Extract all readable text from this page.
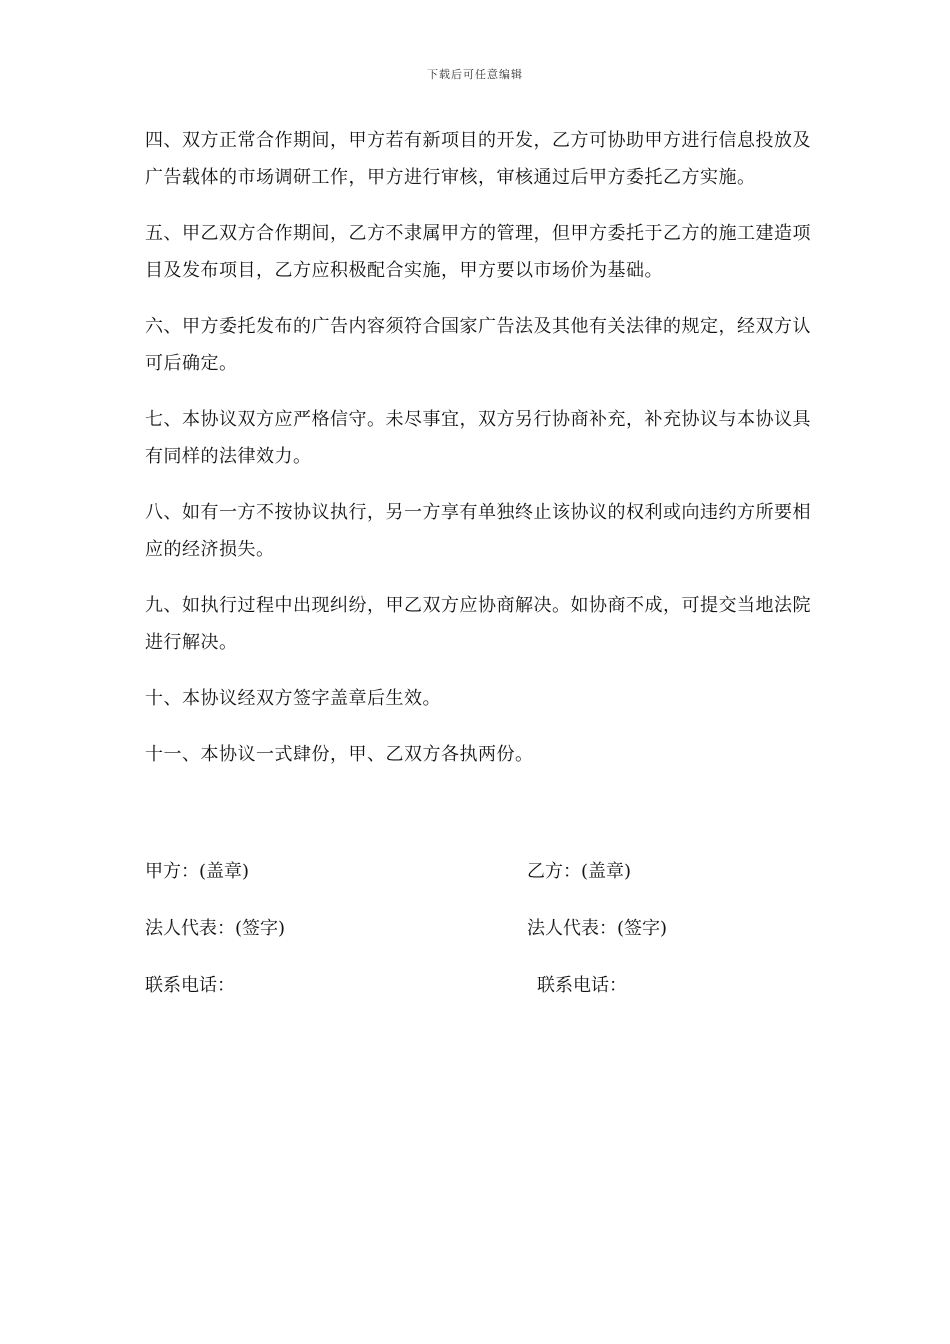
下载后可任意编辑

四、双方正常合作期间，甲方若有新项目的开发，乙方可协助甲方进行信息投放及广告载体的市场调研工作，甲方进行审核，审核通过后甲方委托乙方实施。

五、甲乙双方合作期间，乙方不隶属甲方的管理，但甲方委托于乙方的施工建造项目及发布项目，乙方应积极配合实施，甲方要以市场价为基础。

六、甲方委托发布的广告内容须符合国家广告法及其他有关法律的规定，经双方认可后确定。

七、本协议双方应严格信守。未尽事宜，双方另行协商补充，补充协议与本协议具有同样的法律效力。

八、如有一方不按协议执行，另一方享有单独终止该协议的权利或向违约方所要相应的经济损失。

九、如执行过程中出现纠纷，甲乙双方应协商解决。如协商不成，可提交当地法院进行解决。

十、本协议经双方签字盖章后生效。

十一、本协议一式肆份，甲、乙双方各执两份。

甲方：(盖章)	乙方：(盖章)
法人代表：(签字)	法人代表：(签字)
联系电话：	联系电话：
